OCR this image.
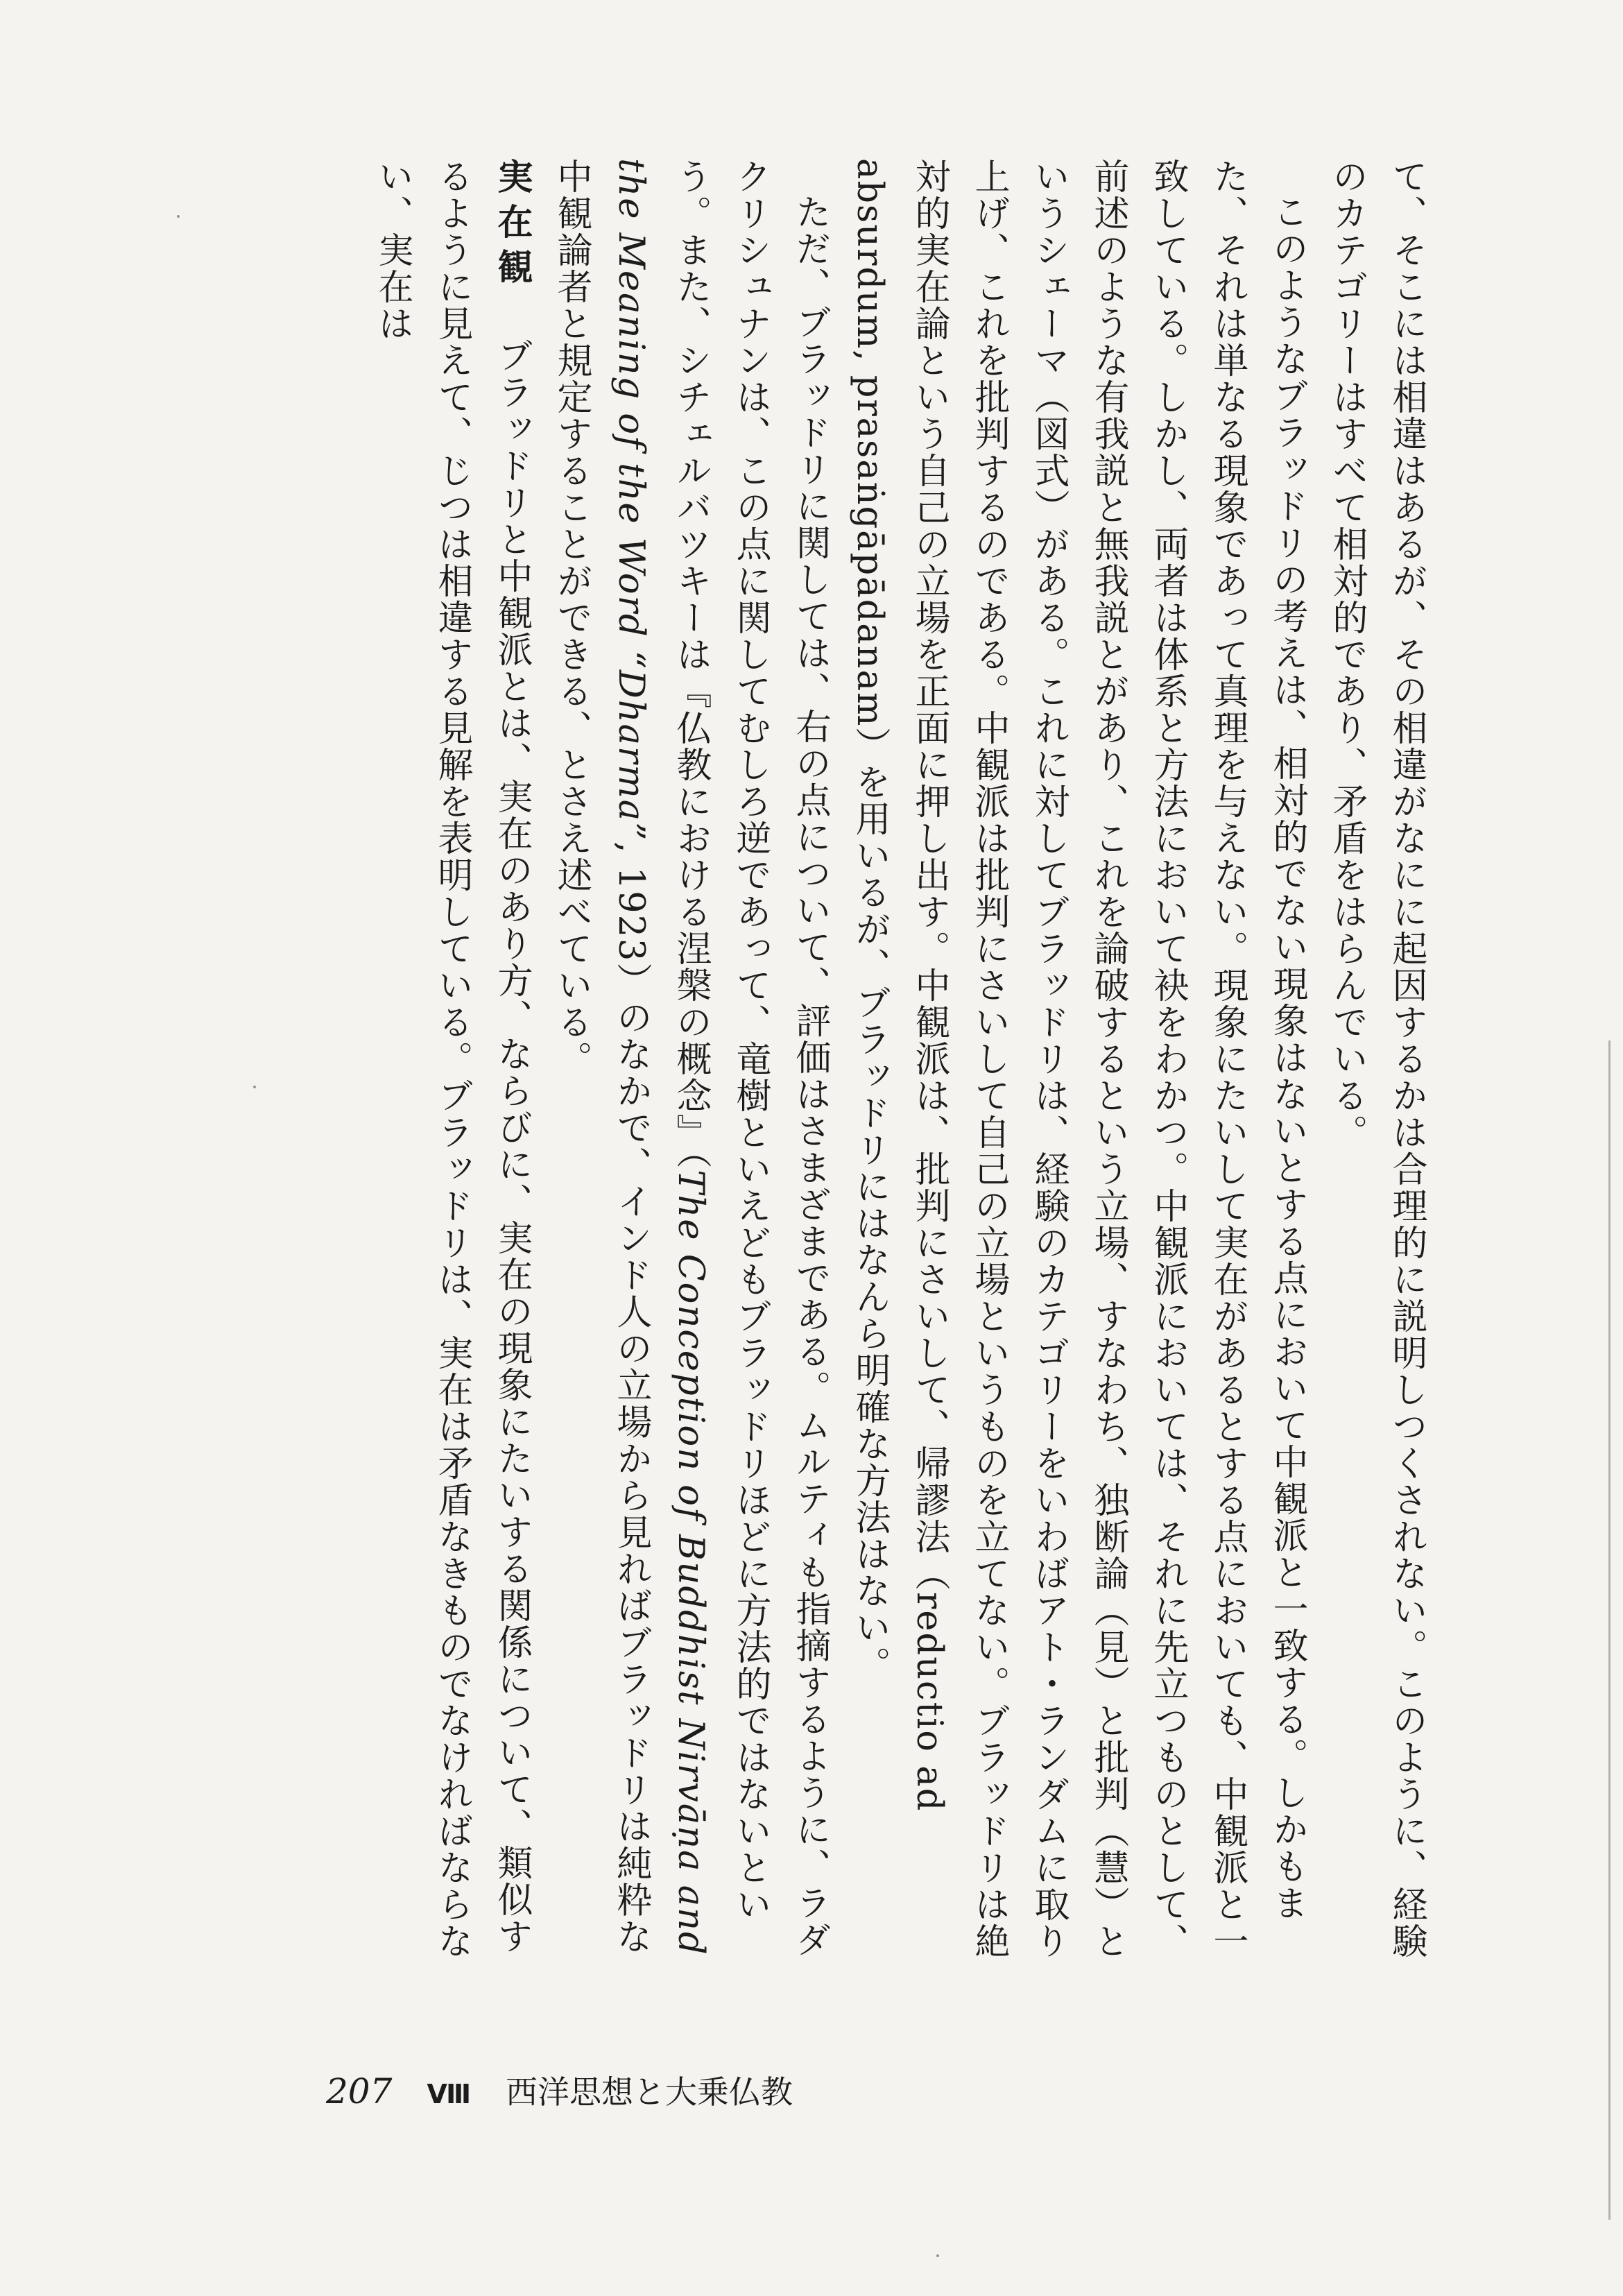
て、そこには相違はあるが、その相違がなにに起因するかは合理的に説明しつくされない。このように、経験のカテゴリーはすべて相対的であり、矛盾をはらんでいる。

このようなブラッドリの考えは、相対的でない現象はないとする点において中観派と一致する。しかもまた、それは単なる現象であって真理を与えない。現象にたいして実在があるとする点においても、中観派と一致している。しかし、両者は体系と方法において袂をわかつ。中観派においては、それに先立つものとして、前述のような有我説と無我説とがあり、これを論破するという立場、すなわち、独断論（見）と批判（慧）というシェーマ（図式）がある。これに対してブラッドリは、経験のカテゴリーをいわばアト・ランダムに取り上げ、これを批判するのである。中観派は批判にさいして自己の立場というものを立てない。ブラッドリは絶対的実在論という自己の立場を正面に押し出す。中観派は、批判にさいして、帰謬法（reductio ad absurdum, prasaṅgāpādanam）を用いるが、ブラッドリにはなんら明確な方法はない。

ただ、ブラッドリに関しては、右の点について、評価はさまざまである。ムルティも指摘するように、ラダクリシュナンは、この点に関してむしろ逆であって、竜樹といえどもブラッドリほどに方法的ではないという。また、シチェルバツキーは『仏教における涅槃の概念』（The Conception of Buddhist Nirvāṇa and the Meaning of the Word “Dharma”, 1923）のなかで、インド人の立場から見ればブラッドリは純粋な中観論者と規定することができる、とさえ述べている。

実在観　ブラッドリと中観派とは、実在のあり方、ならびに、実在の現象にたいする関係について、類似するように見えて、じつは相違する見解を表明している。ブラッドリは、実在は矛盾なきものでなければならない、実在は

207 Ⅷ 西洋思想と大乗仏教
